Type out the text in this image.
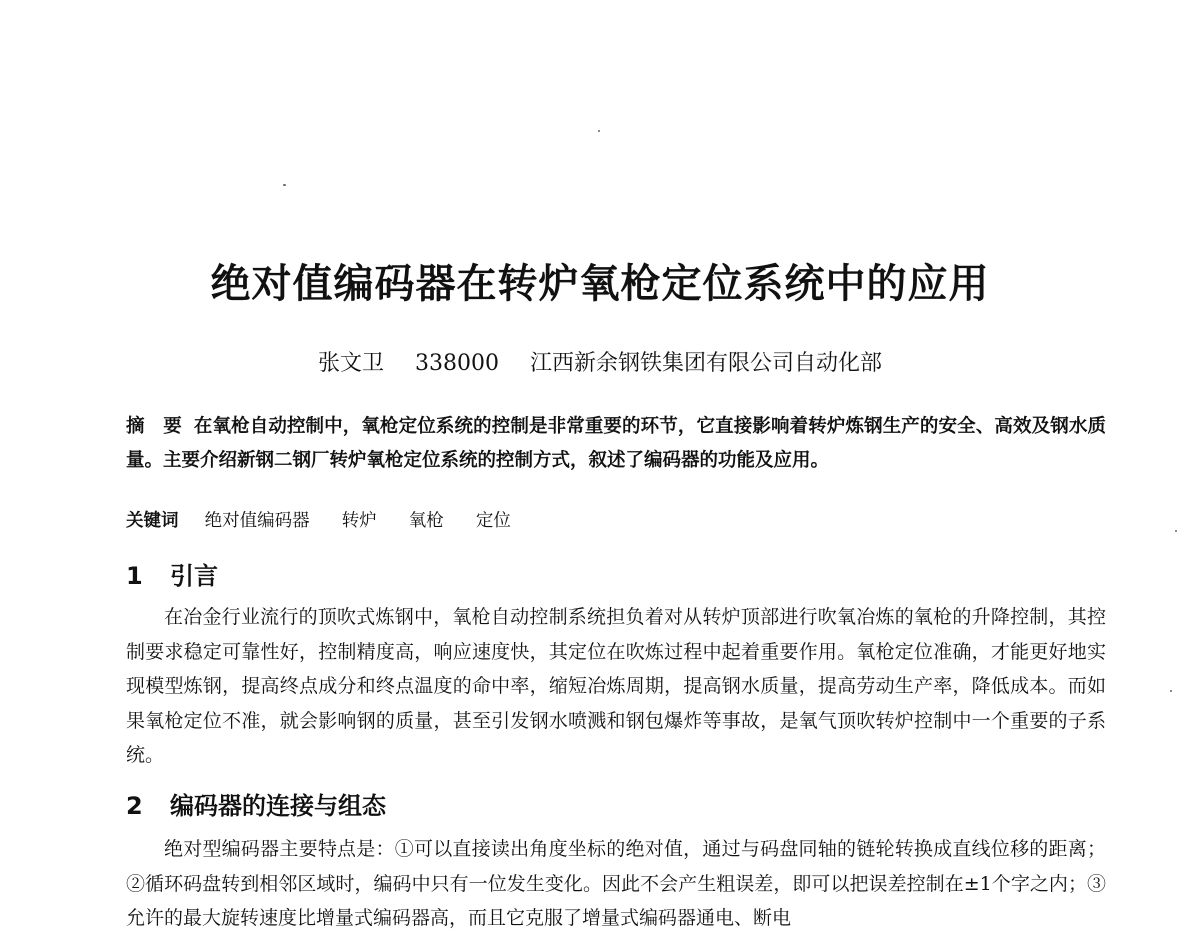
绝对值编码器在转炉氧枪定位系统中的应用
张文卫 338000 江西新余钢铁集团有限公司自动化部
摘　要 在氧枪自动控制中，氧枪定位系统的控制是非常重要的环节，它直接影响着转炉炼钢生产的安全、高效及钢水质量。主要介绍新钢二钢厂转炉氧枪定位系统的控制方式，叙述了编码器的功能及应用。
关键词 绝对值编码器 转炉 氧枪 定位
1 引言
在冶金行业流行的顶吹式炼钢中，氧枪自动控制系统担负着对从转炉顶部进行吹氧冶炼的氧枪的升降控制，其控制要求稳定可靠性好，控制精度高，响应速度快，其定位在吹炼过程中起着重要作用。氧枪定位准确，才能更好地实现模型炼钢，提高终点成分和终点温度的命中率，缩短冶炼周期，提高钢水质量，提高劳动生产率，降低成本。而如果氧枪定位不准，就会影响钢的质量，甚至引发钢水喷溅和钢包爆炸等事故，是氧气顶吹转炉控制中一个重要的子系统。
2 编码器的连接与组态
绝对型编码器主要特点是：①可以直接读出角度坐标的绝对值，通过与码盘同轴的链轮转换成直线位移的距离；②循环码盘转到相邻区域时，编码中只有一位发生变化。因此不会产生粗误差，即可以把误差控制在±1个字之内；③允许的最大旋转速度比增量式编码器高，而且它克服了增量式编码器通电、断电
